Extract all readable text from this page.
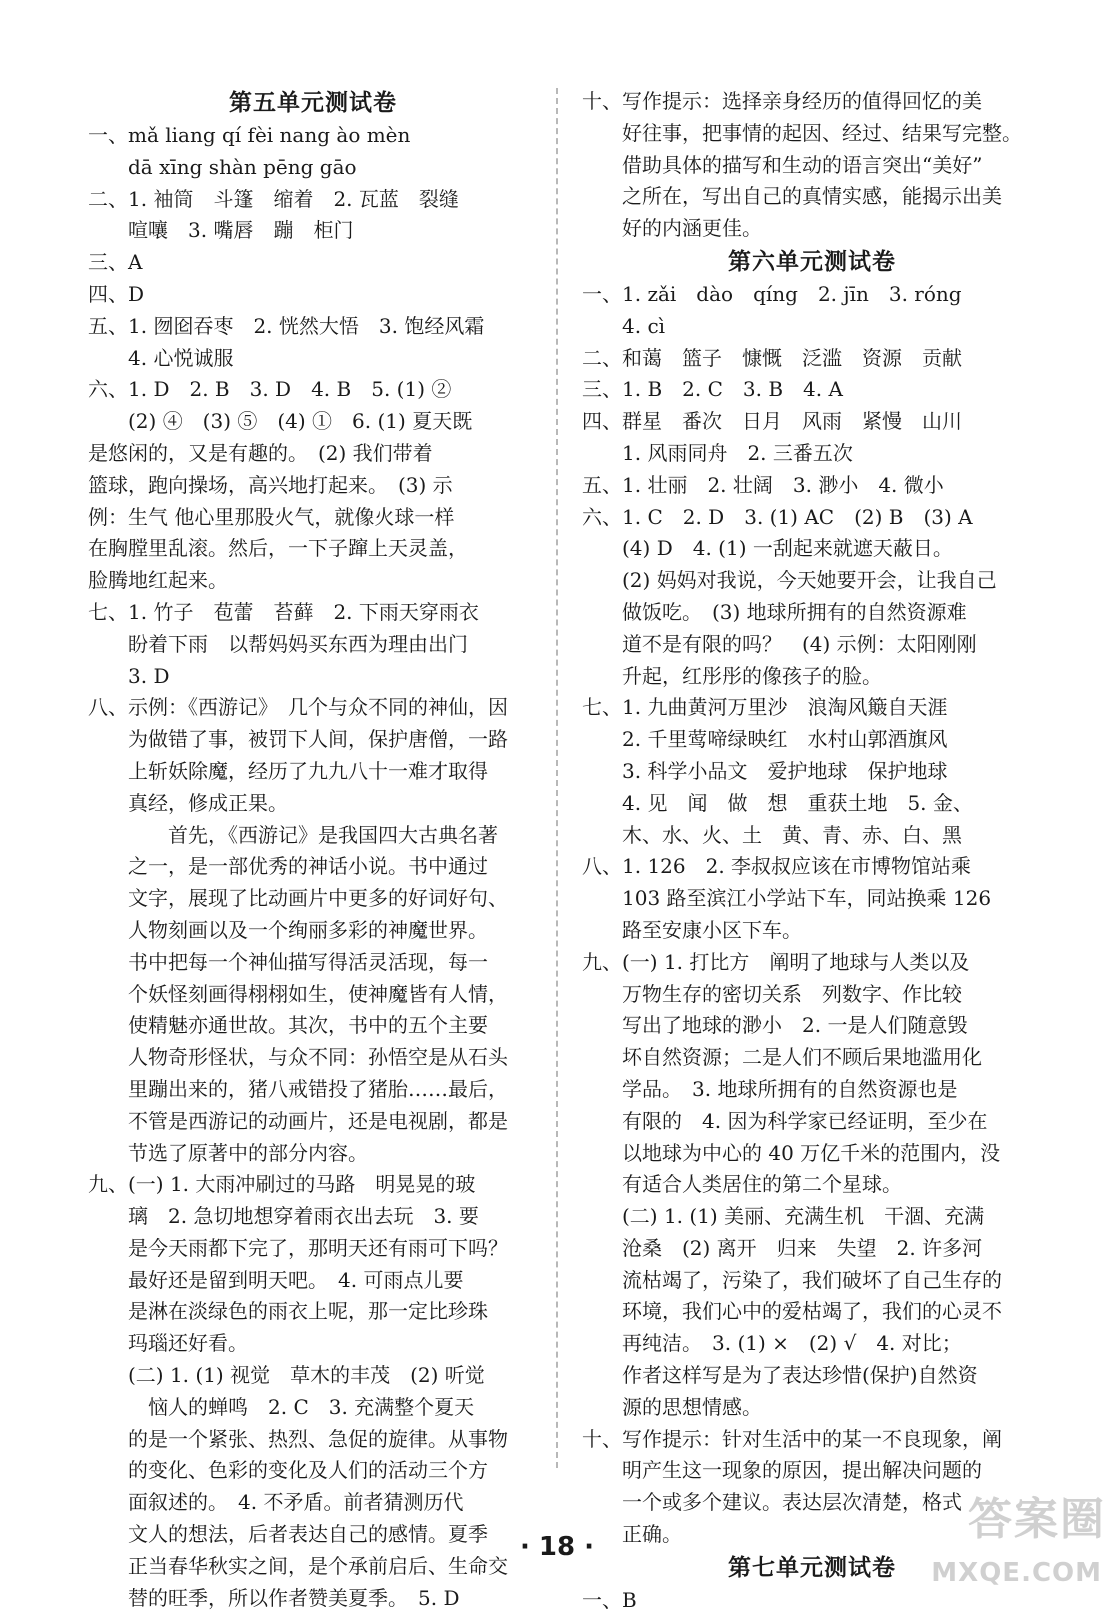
第五单元测试卷
一、mǎ liang qí fèi nang ào mèn
dā xīng shàn pēng gāo
二、1. 袖筒　斗篷　缩着　2. 瓦蓝　裂缝
喧嚷　3. 嘴唇　蹦　柜门
三、A
四、D
五、1. 囫囵吞枣　2. 恍然大悟　3. 饱经风霜
4. 心悦诚服
六、1. D　2. B　3. D　4. B　5. (1) ②
(2) ④　(3) ⑤　(4) ①　6. (1) 夏天既
是悠闲的，又是有趣的。　(2) 我们带着
篮球，跑向操场，高兴地打起来。　(3) 示
例：生气 他心里那股火气，就像火球一样
在胸膛里乱滚。然后，一下子蹿上天灵盖，
脸腾地红起来。
七、1. 竹子　苞蕾　苔藓　2. 下雨天穿雨衣
盼着下雨　以帮妈妈买东西为理由出门
3. D
八、示例：《西游记》　几个与众不同的神仙，因
为做错了事，被罚下人间，保护唐僧，一路
上斩妖除魔，经历了九九八十一难才取得
真经，修成正果。
首先，《西游记》是我国四大古典名著
之一，是一部优秀的神话小说。书中通过
文字，展现了比动画片中更多的好词好句、
人物刻画以及一个绚丽多彩的神魔世界。
书中把每一个神仙描写得活灵活现，每一
个妖怪刻画得栩栩如生，使神魔皆有人情，
使精魅亦通世故。其次，书中的五个主要
人物奇形怪状，与众不同：孙悟空是从石头
里蹦出来的，猪八戒错投了猪胎……最后，
不管是西游记的动画片，还是电视剧，都是
节选了原著中的部分内容。
九、(一) 1. 大雨冲刷过的马路　明晃晃的玻
璃　2. 急切地想穿着雨衣出去玩　3. 要
是今天雨都下完了，那明天还有雨可下吗？
最好还是留到明天吧。　4. 可雨点儿要
是淋在淡绿色的雨衣上呢，那一定比珍珠
玛瑙还好看。
(二) 1. (1) 视觉　草木的丰茂　(2) 听觉
恼人的蝉鸣　2. C　3. 充满整个夏天
的是一个紧张、热烈、急促的旋律。从事物
的变化、色彩的变化及人们的活动三个方
面叙述的。　4. 不矛盾。前者猜测历代
文人的想法，后者表达自己的感情。夏季
正当春华秋实之间，是个承前启后、生命交
替的旺季，所以作者赞美夏季。　5. D
十、写作提示：选择亲身经历的值得回忆的美
好往事，把事情的起因、经过、结果写完整。
借助具体的描写和生动的语言突出“美好”
之所在，写出自己的真情实感，能揭示出美
好的内涵更佳。
第六单元测试卷
一、1. zǎi　dào　qíng　2. jīn　3. róng
4. cì
二、和蔼　篮子　慷慨　泛滥　资源　贡献
三、1. B　2. C　3. B　4. A
四、群星　番次　日月　风雨　紧慢　山川
1. 风雨同舟　2. 三番五次
五、1. 壮丽　2. 壮阔　3. 渺小　4. 微小
六、1. C　2. D　3. (1) AC　(2) B　(3) A
(4) D　4. (1) 一刮起来就遮天蔽日。
(2) 妈妈对我说，今天她要开会，让我自己
做饭吃。　(3) 地球所拥有的自然资源难
道不是有限的吗？　(4) 示例：太阳刚刚
升起，红彤彤的像孩子的脸。
七、1. 九曲黄河万里沙　浪淘风簸自天涯
2. 千里莺啼绿映红　水村山郭酒旗风
3. 科学小品文　爱护地球　保护地球
4. 见　闻　做　想　重获土地　5. 金、
木、水、火、土　黄、青、赤、白、黑
八、1. 126　2. 李叔叔应该在市博物馆站乘
103 路至滨江小学站下车，同站换乘 126
路至安康小区下车。
九、(一) 1. 打比方　阐明了地球与人类以及
万物生存的密切关系　列数字、作比较
写出了地球的渺小　2. 一是人们随意毁
坏自然资源；二是人们不顾后果地滥用化
学品。　3. 地球所拥有的自然资源也是
有限的　4. 因为科学家已经证明，至少在
以地球为中心的 40 万亿千米的范围内，没
有适合人类居住的第二个星球。
(二) 1. (1) 美丽、充满生机　干涸、充满
沧桑　(2) 离开　归来　失望　2. 许多河
流枯竭了，污染了，我们破坏了自己生存的
环境，我们心中的爱枯竭了，我们的心灵不
再纯洁。　3. (1) ×　(2) √　4. 对比；
作者这样写是为了表达珍惜(保护)自然资
源的思想情感。
十、写作提示：针对生活中的某一不良现象，阐
明产生这一现象的原因，提出解决问题的
一个或多个建议。表达层次清楚，格式
正确。
第七单元测试卷
一、B
· 18 ·
答案圈
MXQE.COM
